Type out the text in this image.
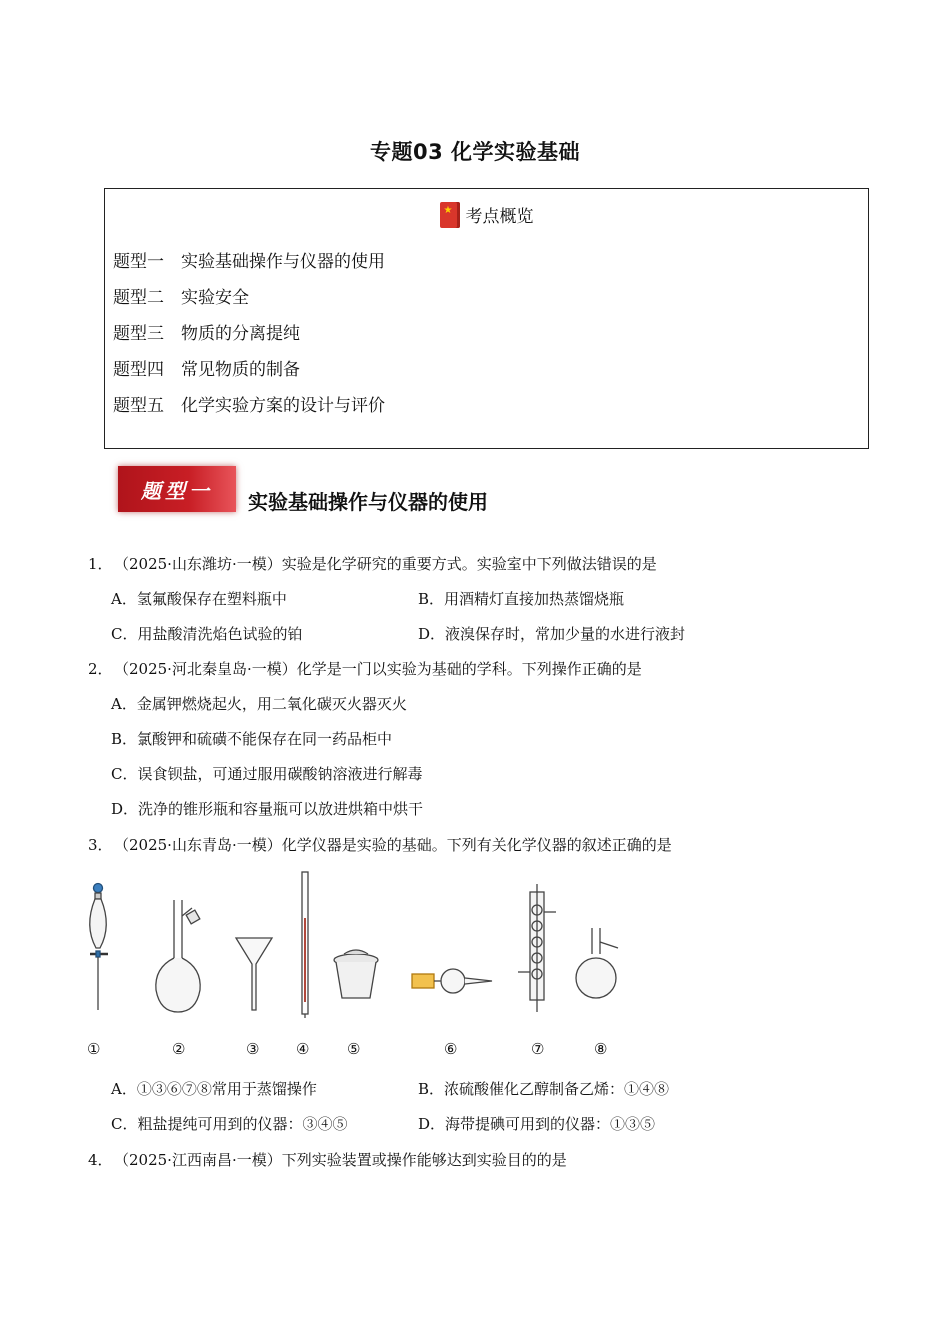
专题03 化学实验基础
★考点概览
题型一 实验基础操作与仪器的使用
题型二 实验安全
题型三 物质的分离提纯
题型四 常见物质的制备
题型五 化学实验方案的设计与评价
题型一	实验基础操作与仪器的使用
1．（2025·山东潍坊·一模）实验是化学研究的重要方式。实验室中下列做法错误的是
A．氢氟酸保存在塑料瓶中	B．用酒精灯直接加热蒸馏烧瓶
C．用盐酸清洗焰色试验的铂	D．液溴保存时，常加少量的水进行液封
2．（2025·河北秦皇岛·一模）化学是一门以实验为基础的学科。下列操作正确的是
A．金属钾燃烧起火，用二氧化碳灭火器灭火
B．氯酸钾和硫磺不能保存在同一药品柜中
C．误食钡盐，可通过服用碳酸钠溶液进行解毒
D．洗净的锥形瓶和容量瓶可以放进烘箱中烘干
3．（2025·山东青岛·一模）化学仪器是实验的基础。下列有关化学仪器的叙述正确的是
①	②	③ ④	⑤	⑥	⑦	⑧
A．①③⑥⑦⑧常用于蒸馏操作	B．浓硫酸催化乙醇制备乙烯：①④⑧
C．粗盐提纯可用到的仪器：③④⑤	D．海带提碘可用到的仪器：①③⑤
4．（2025·江西南昌·一模）下列实验装置或操作能够达到实验目的的是
